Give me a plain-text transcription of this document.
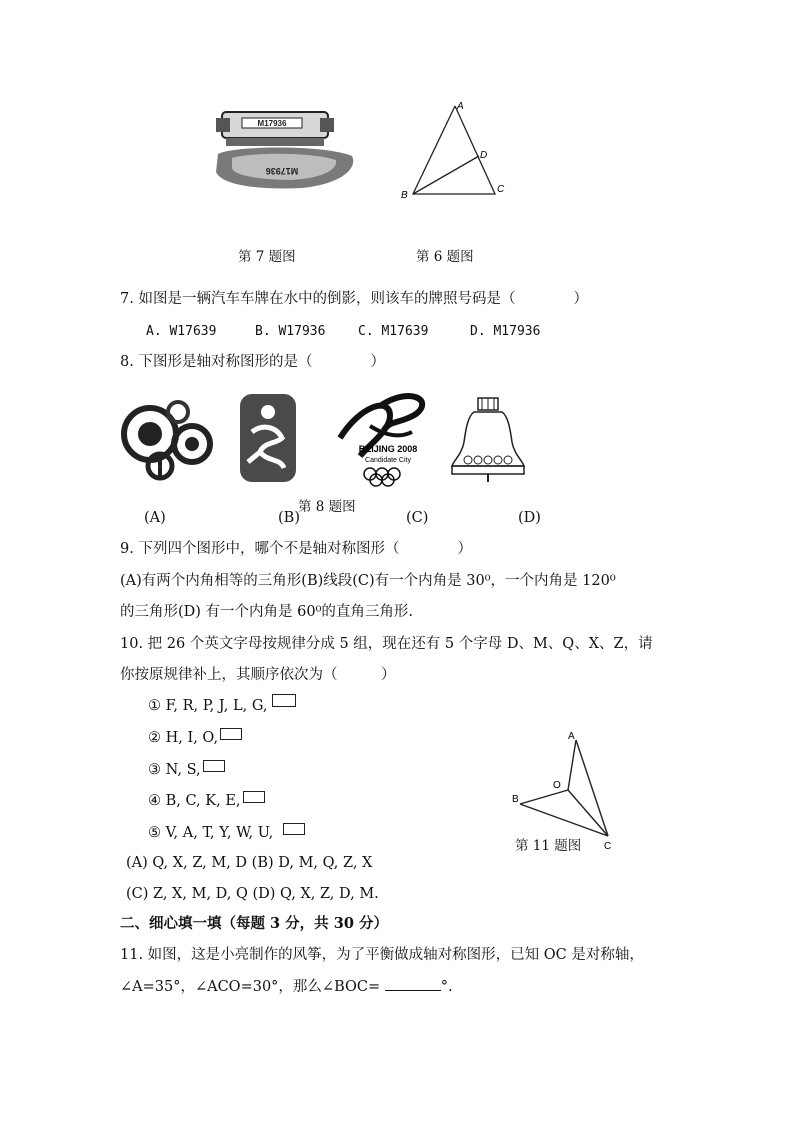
M17936
M17936
A
B
C
D
第 7 题图	第 6 题图
7. 如图是一辆汽车车牌在水中的倒影，则该车的牌照号码是（　　　　）
A. W17639	B. W17936	C. M17639	D. M17936
8. 下图形是轴对称图形的是（　　　　）
BEIJING 2008
Candidate City
第 8 题图
(A)	(B)	(C)	(D)
9. 下列四个图形中，哪个不是轴对称图形（　　　　）
(A)有两个内角相等的三角形(B)线段(C)有一个内角是 30⁰，一个内角是 120⁰
的三角形(D) 有一个内角是 60⁰的直角三角形.
10. 把 26 个英文字母按规律分成 5 组，现在还有 5 个字母 D、M、Q、X、Z，请
你按原规律补上，其顺序依次为（　　　）
① F, R, P, J, L, G,
② H, I, O,
③ N, S,
④ B, C, K, E,
⑤ V, A, T, Y, W, U,
(A) Q, X, Z, M, D (B) D, M, Q, Z, X
(C) Z, X, M, D, Q (D) Q, X, Z, D, M.
A
B
O
C
第 11 题图
二、细心填一填（每题 3 分，共 30 分）
11. 如图，这是小亮制作的风筝，为了平衡做成轴对称图形，已知 OC 是对称轴，
∠A=35°，∠ACO=30°，那么∠BOC=	°.
